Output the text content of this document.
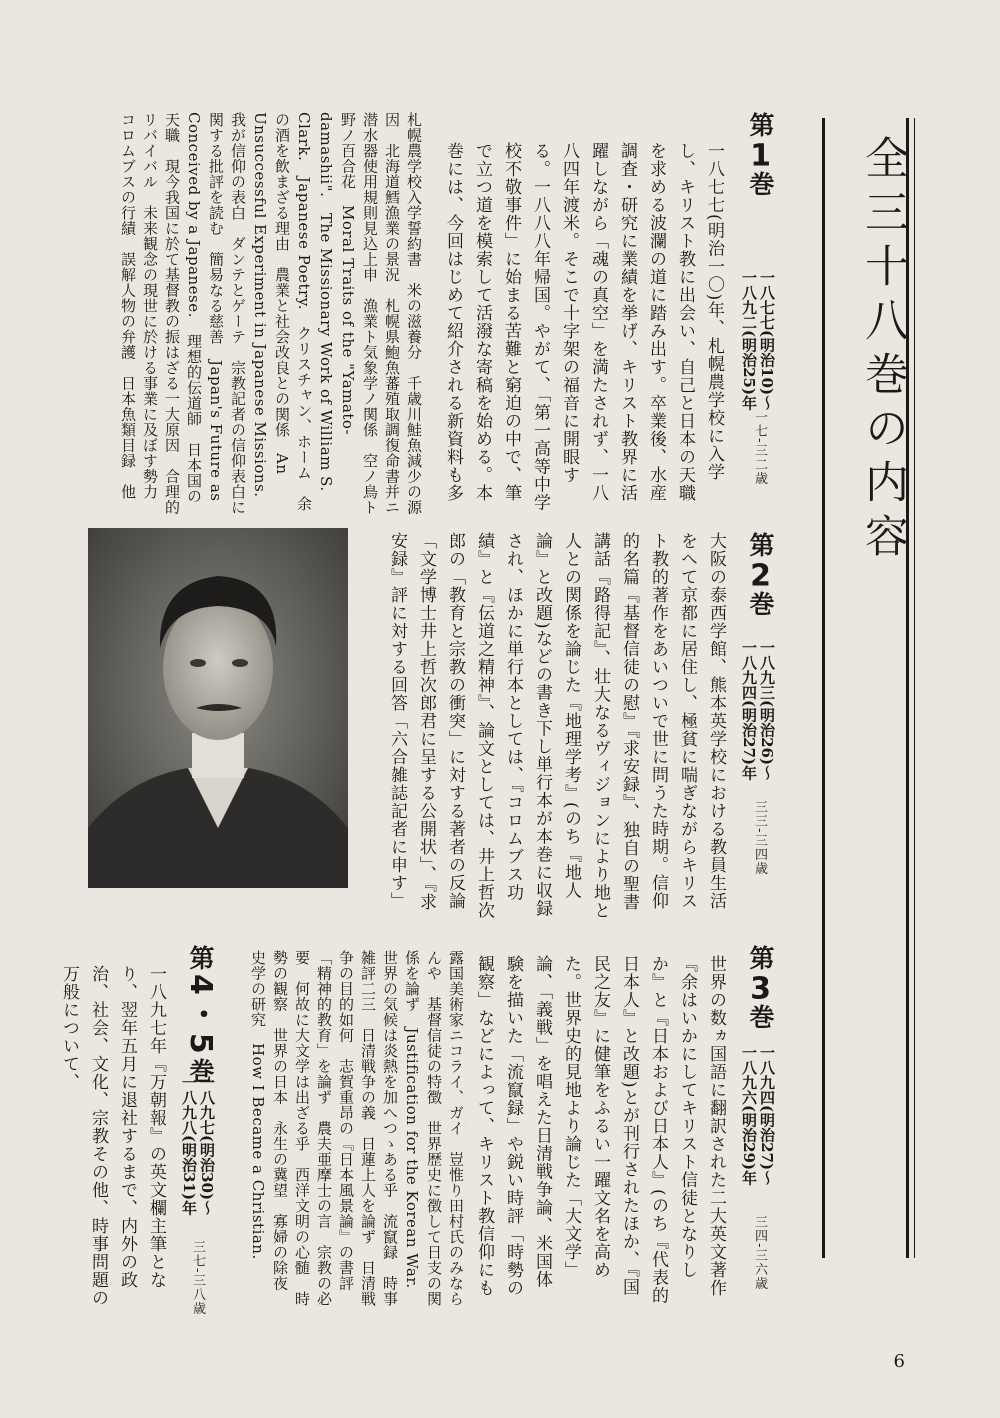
全三十八巻の内容
第1巻
一八七七(明治10)〜
一八九二(明治25)年
一七-三二歳
一八七七(明治一〇)年、札幌農学校に入学し、キリスト教に出会い、自己と日本の天職を求める波瀾の道に踏み出す。卒業後、水産調査・研究に業績を挙げ、キリスト教界に活躍しながら「魂の真空」を満たされず、一八八四年渡米。そこで十字架の福音に開眼する。一八八八年帰国。やがて、「第一高等中学校不敬事件」に始まる苦難と窮迫の中で、筆で立つ道を模索して活潑な寄稿を始める。本巻には、今回はじめて紹介される新資料も多
札幌農学校入学誓約書　米の滋養分　千歳川鮭魚減少の源因　北海道鱈漁業の景況　札幌県鮑魚蕃殖取調復命書并ニ潜水器使用規則見込上申　漁業ト気象学ノ関係　空ノ鳥ト野ノ百合花　Moral Traits of the "Yamato-damashii".　The Missionary Work of William S. Clark.　Japanese Poetry.　クリスチャン、ホーム　余の酒を飲まざる理由　農業と社会改良との関係　An Unsuccessful Experiment in Japanese Missions.　我が信仰の表白　ダンテとゲーテ　宗教記者の信仰表白に関する批評を読む　簡易なる慈善　Japan's Future as Conceived by a Japanese.　理想的伝道師　日本国の天職　現今我国に於て基督教の振はざる一大原因　合理的リバイバル　未来観念の現世に於ける事業に及ぼす勢力　コロムブスの行績　誤解人物の弁護　日本魚類目録　他
第2巻
一八九三(明治26)〜
一八九四(明治27)年
三三-三四歳
大阪の泰西学館、熊本英学校における教員生活をへて京都に居住し、極貧に喘ぎながらキリスト教的著作をあいついで世に問うた時期。信仰的名篇『基督信徒の慰』『求安録』、独自の聖書講話『路得記』、壮大なるヴィジョンにより地と人との関係を論じた『地理学考』(のち『地人論』と改題)などの書き下し単行本が本巻に収録され、ほかに単行本としては、『コロムブス功績』と『伝道之精神』、論文としては、井上哲次郎の「教育と宗教の衝突」に対する著者の反論「文学博士井上哲次郎君に呈する公開状」、『求安録』評に対する回答「六合雑誌記者に申す」
第3巻
一八九四(明治27)〜
一八九六(明治29)年
三四-三六歳
世界の数ヵ国語に翻訳された二大英文著作『余はいかにしてキリスト信徒となりしか』と『日本および日本人』(のち『代表的日本人』と改題)とが刊行されたほか、『国民之友』に健筆をふるい一躍文名を高めた。世界史的見地より論じた「大文学」論、「義戦」を唱えた日清戦争論、米国体験を描いた「流竄録」や鋭い時評「時勢の観察」などによって、キリスト教信仰にも
露国美術家ニコライ、ガイ　豈惟り田村氏のみならんや　基督信徒の特徴　世界歴史に徴して日支の関係を論ず　Justification for the Korean War.　世界の気候は炎熱を加へつゝある乎　流竄録　時事雑評二三　日清戦争の義　日蓮上人を論ず　日清戦争の目的如何　志賀重昂の『日本風景論』の書評　「精神的教育」を論ず　農夫亜摩士の言　宗教の必要　何故に大文学は出ざる乎　西洋文明の心髄　時勢の観察　世界の日本　永生の冀望　寡婦の除夜　史学の研究　How I Became a Christian.　 　
第4・5巻
一八九七(明治30)〜
一八九八(明治31)年
三七-三八歳
一八九七年『万朝報』の英文欄主筆となり、翌年五月に退社するまで、内外の政治、社会、文化、宗教その他、時事問題の万般について、
6
